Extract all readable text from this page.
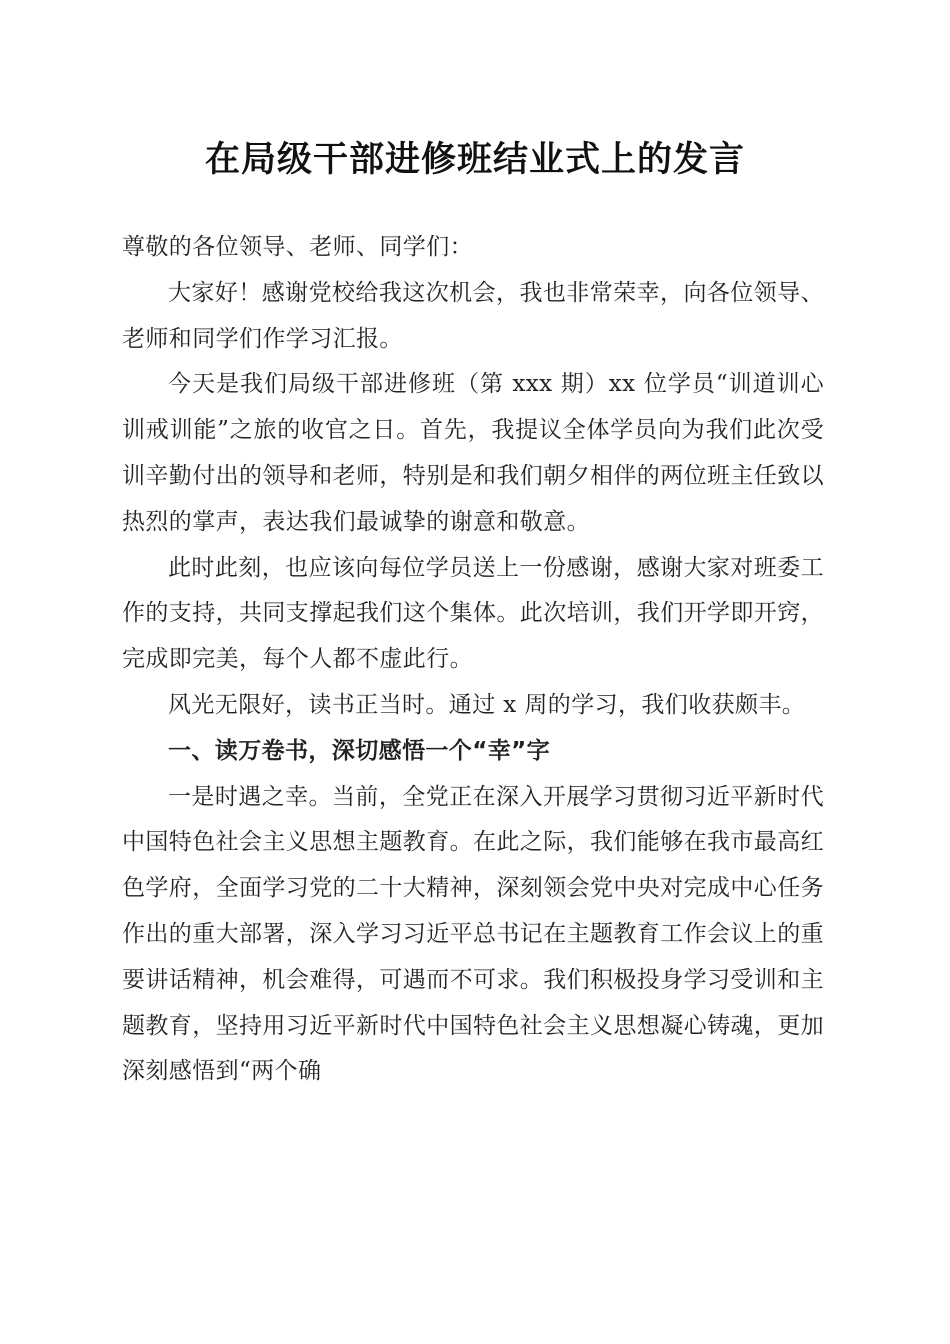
在局级干部进修班结业式上的发言

尊敬的各位领导、老师、同学们：

大家好！感谢党校给我这次机会，我也非常荣幸，向各位领导、老师和同学们作学习汇报。

今天是我们局级干部进修班（第 xxx 期）xx 位学员“训道训心训戒训能”之旅的收官之日。首先，我提议全体学员向为我们此次受训辛勤付出的领导和老师，特别是和我们朝夕相伴的两位班主任致以热烈的掌声，表达我们最诚挚的谢意和敬意。

此时此刻，也应该向每位学员送上一份感谢，感谢大家对班委工作的支持，共同支撑起我们这个集体。此次培训，我们开学即开窍，完成即完美，每个人都不虚此行。

风光无限好，读书正当时。通过 x 周的学习，我们收获颇丰。

一、读万卷书，深切感悟一个“幸”字

一是时遇之幸。当前，全党正在深入开展学习贯彻习近平新时代中国特色社会主义思想主题教育。在此之际，我们能够在我市最高红色学府，全面学习党的二十大精神，深刻领会党中央对完成中心任务作出的重大部署，深入学习习近平总书记在主题教育工作会议上的重要讲话精神，机会难得，可遇而不可求。我们积极投身学习受训和主题教育，坚持用习近平新时代中国特色社会主义思想凝心铸魂，更加深刻感悟到“两个确
